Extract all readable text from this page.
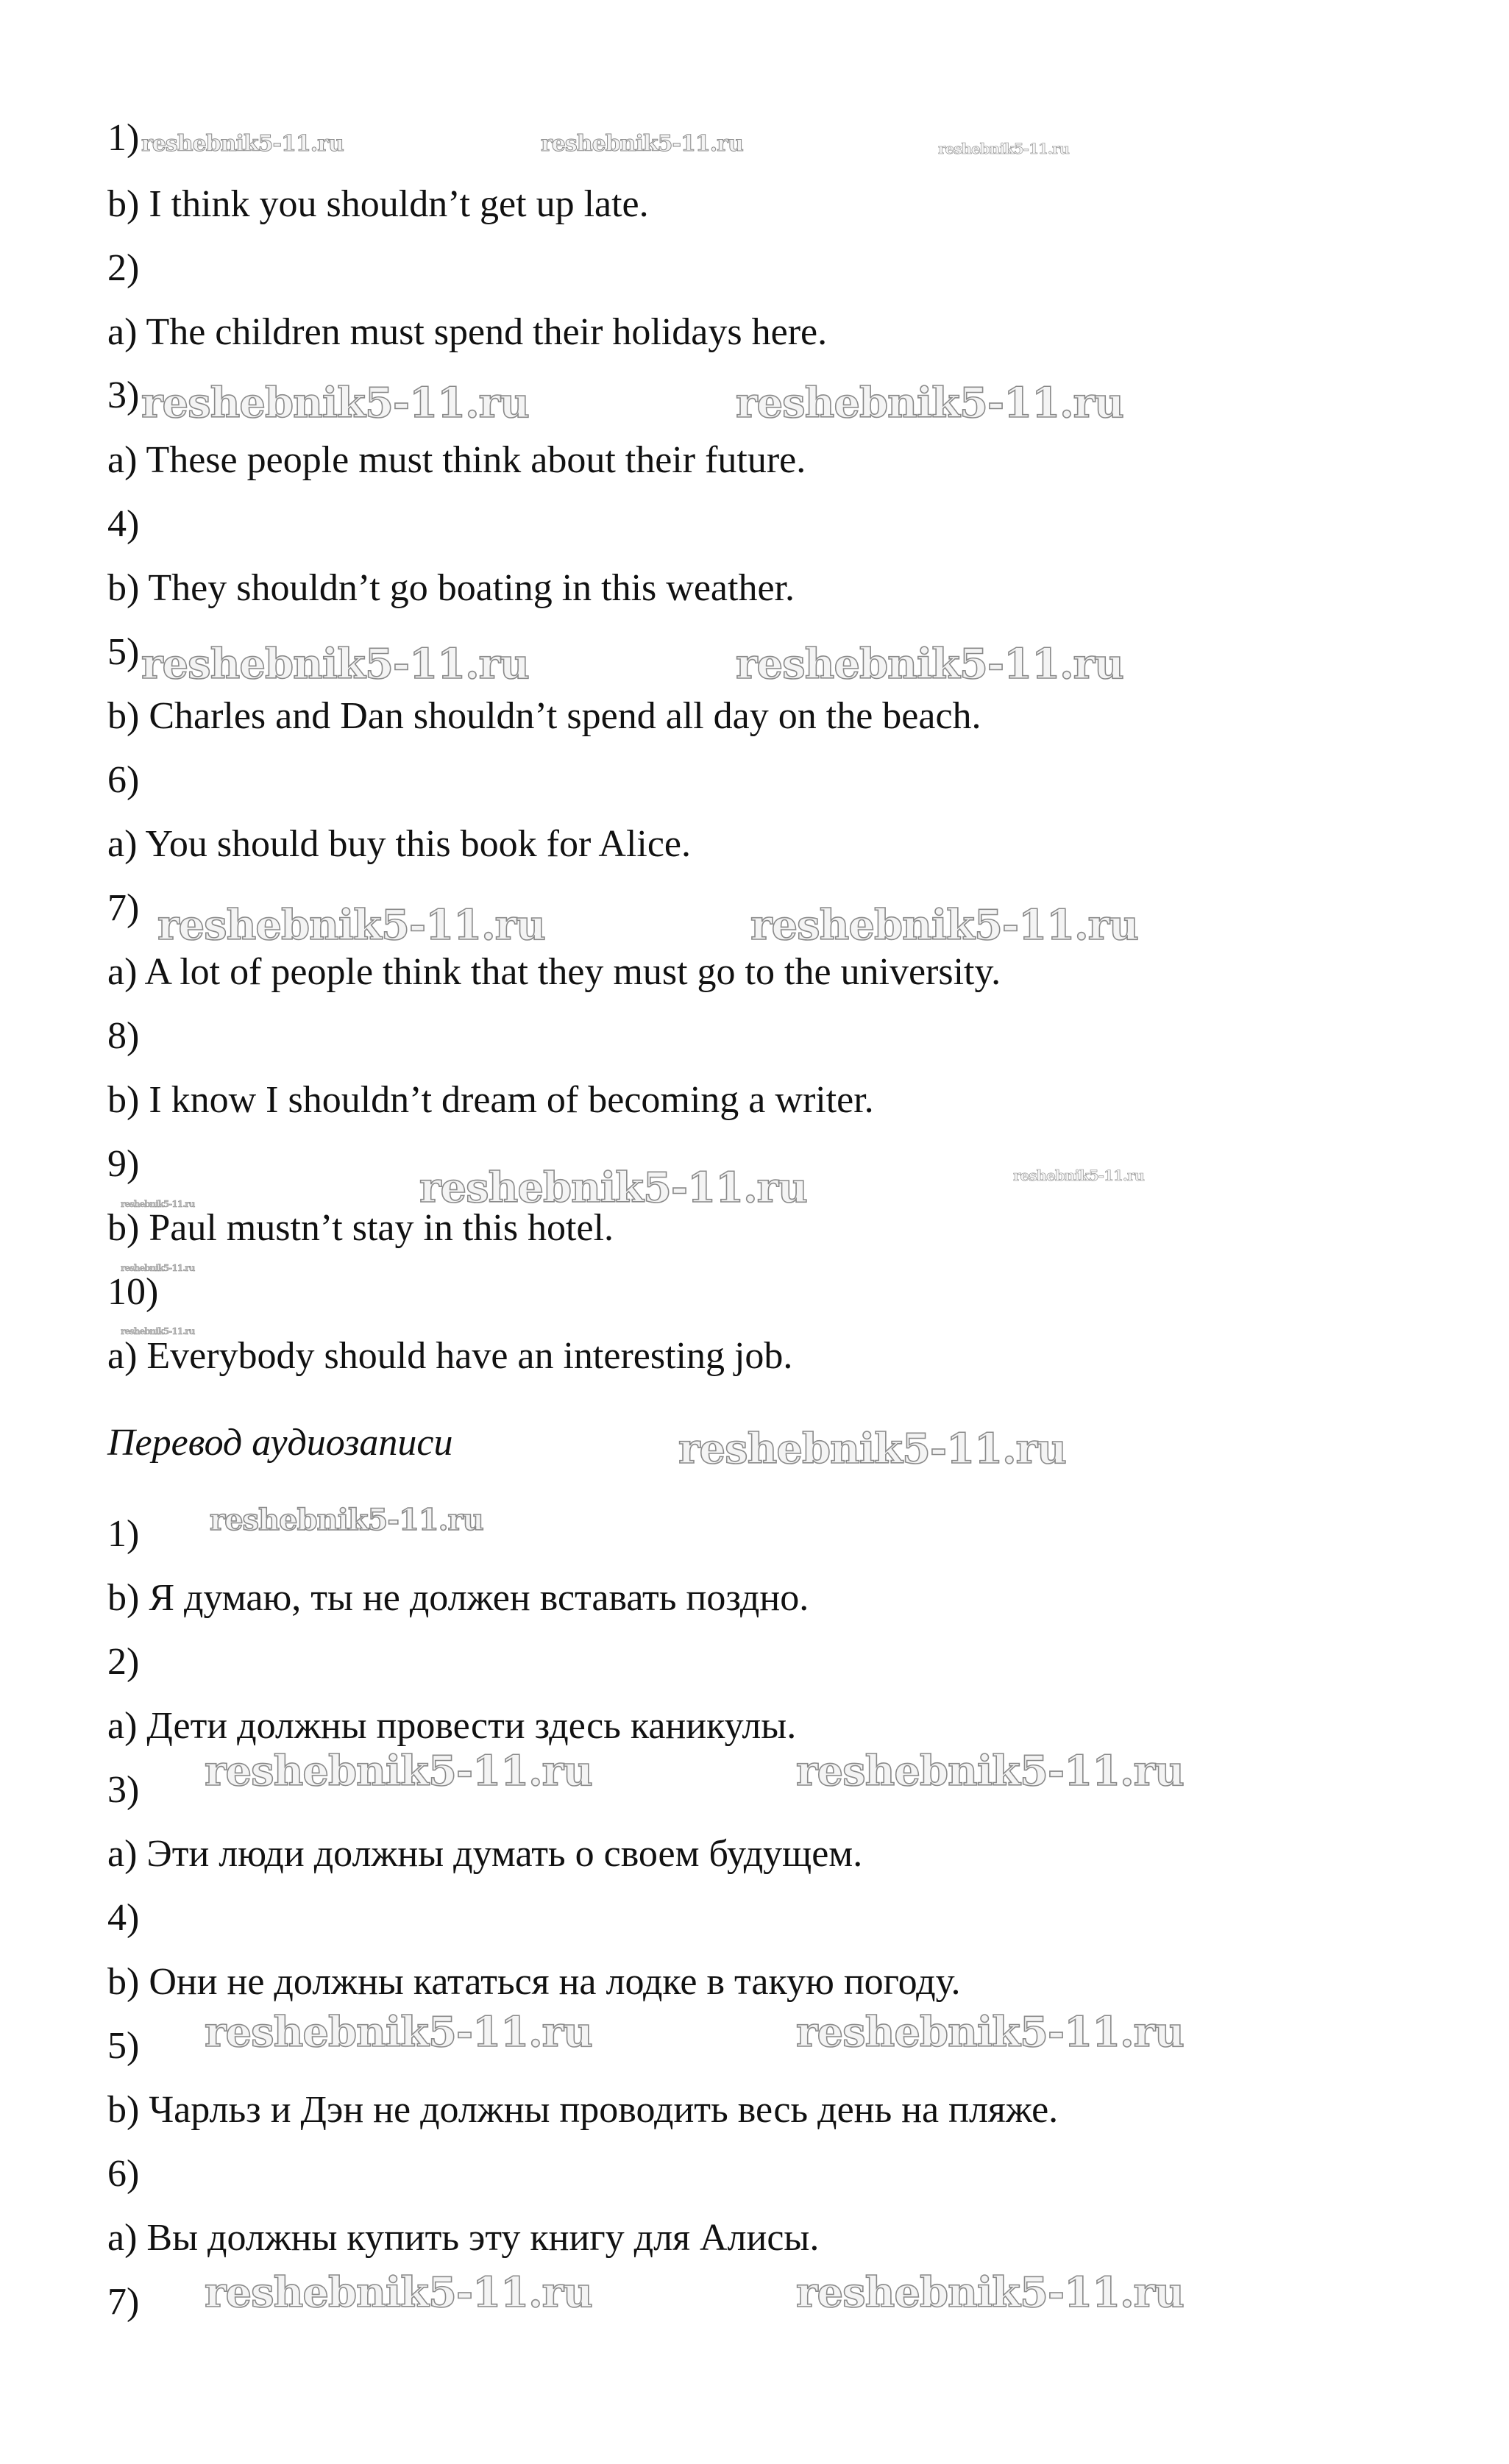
1)
b) I think you shouldn’t get up late.
2)
a) The children must spend their holidays here.
3)
a) These people must think about their future.
4)
b) They shouldn’t go boating in this weather.
5)
b) Charles and Dan shouldn’t spend all day on the beach.
6)
a) You should buy this book for Alice.
7)
a) A lot of people think that they must go to the university.
8)
b) I know I shouldn’t dream of becoming a writer.
9)
b) Paul mustn’t stay in this hotel.
10)
a) Everybody should have an interesting job.
Перевод аудиозаписи
1)
b) Я думаю, ты не должен вставать поздно.
2)
a) Дети должны провести здесь каникулы.
3)
a) Эти люди должны думать о своем будущем.
4)
b) Они не должны кататься на лодке в такую погоду.
5)
b) Чарльз и Дэн не должны проводить весь день на пляже.
6)
a) Вы должны купить эту книгу для Алисы.
7)
reshebnik5-11.ru	reshebnik5-11.ru	reshebnik5-11.ru
reshebnik5-11.ru	reshebnik5-11.ru
reshebnik5-11.ru	reshebnik5-11.ru
reshebnik5-11.ru	reshebnik5-11.ru
reshebnik5-11.ru	reshebnik5-11.ru
reshebnik5-11.ru
reshebnik5-11.ru
reshebnik5-11.ru
reshebnik5-11.ru
reshebnik5-11.ru
reshebnik5-11.ru	reshebnik5-11.ru
reshebnik5-11.ru	reshebnik5-11.ru
reshebnik5-11.ru	reshebnik5-11.ru
